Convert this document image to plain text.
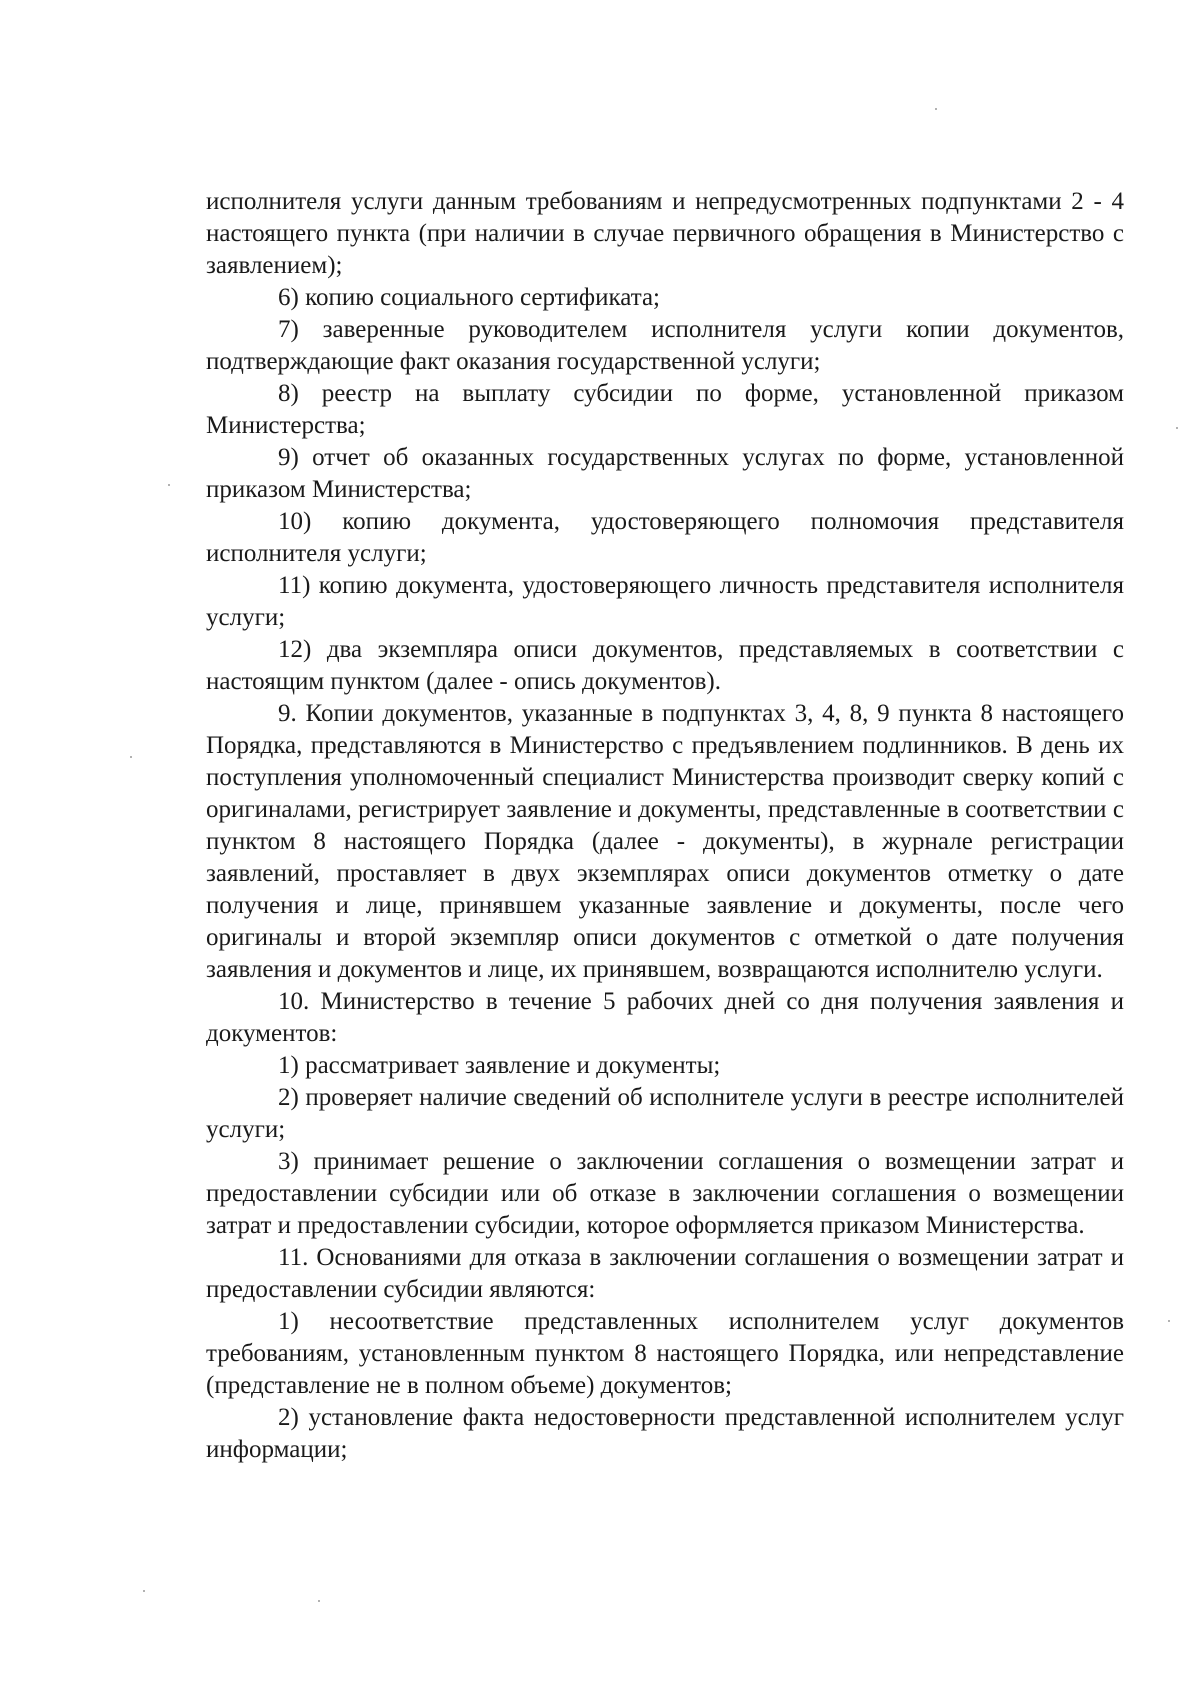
исполнителя услуги данным требованиям и непредусмотренных подпунктами 2 - 4 настоящего пункта (при наличии в случае первичного обращения в Министерство с заявлением);

6) копию социального сертификата;

7) заверенные руководителем исполнителя услуги копии документов, подтверждающие факт оказания государственной услуги;

8) реестр на выплату субсидии по форме, установленной приказом Министерства;

9) отчет об оказанных государственных услугах по форме, установленной приказом Министерства;

10) копию документа, удостоверяющего полномочия представителя исполнителя услуги;

11) копию документа, удостоверяющего личность представителя исполнителя услуги;

12) два экземпляра описи документов, представляемых в соответствии с настоящим пунктом (далее - опись документов).

9. Копии документов, указанные в подпунктах 3, 4, 8, 9 пункта 8 настоящего Порядка, представляются в Министерство с предъявлением подлинников. В день их поступления уполномоченный специалист Министерства производит сверку копий с оригиналами, регистрирует заявление и документы, представленные в соответствии с пунктом 8 настоящего Порядка (далее - документы), в журнале регистрации заявлений, проставляет в двух экземплярах описи документов отметку о дате получения и лице, принявшем указанные заявление и документы, после чего оригиналы и второй экземпляр описи документов с отметкой о дате получения заявления и документов и лице, их принявшем, возвращаются исполнителю услуги.

10. Министерство в течение 5 рабочих дней со дня получения заявления и документов:

1) рассматривает заявление и документы;

2) проверяет наличие сведений об исполнителе услуги в реестре исполнителей услуги;

3) принимает решение о заключении соглашения о возмещении затрат и предоставлении субсидии или об отказе в заключении соглашения о возмещении затрат и предоставлении субсидии, которое оформляется приказом Министерства.

11. Основаниями для отказа в заключении соглашения о возмещении затрат и предоставлении субсидии являются:

1) несоответствие представленных исполнителем услуг документов требованиям, установленным пунктом 8 настоящего Порядка, или непредставление (представление не в полном объеме) документов;

2) установление факта недостоверности представленной исполнителем услуг информации;
